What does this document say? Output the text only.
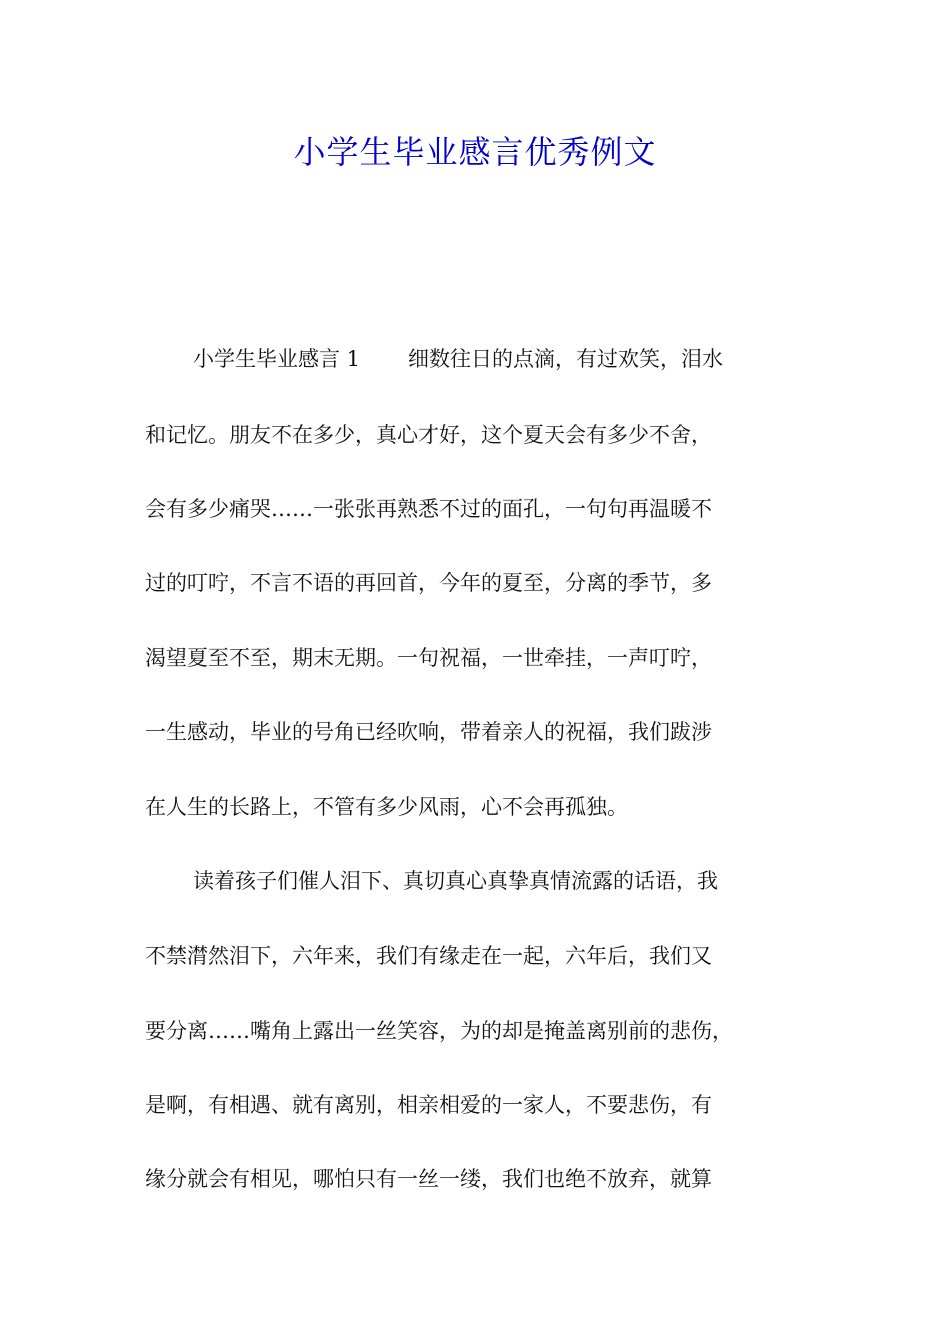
小学生毕业感言优秀例文

小学生毕业感言 1 细数往日的点滴，有过欢笑，泪水

和记忆。朋友不在多少，真心才好，这个夏天会有多少不舍，

会有多少痛哭……一张张再熟悉不过的面孔，一句句再温暖不

过的叮咛，不言不语的再回首，今年的夏至，分离的季节，多

渴望夏至不至，期末无期。一句祝福，一世牵挂，一声叮咛，

一生感动，毕业的号角已经吹响，带着亲人的祝福，我们跋涉

在人生的长路上，不管有多少风雨，心不会再孤独。

读着孩子们催人泪下、真切真心真挚真情流露的话语，我

不禁潸然泪下，六年来，我们有缘走在一起，六年后，我们又

要分离……嘴角上露出一丝笑容，为的却是掩盖离别前的悲伤，

是啊，有相遇、就有离别，相亲相爱的一家人，不要悲伤，有

缘分就会有相见，哪怕只有一丝一缕，我们也绝不放弃，就算
